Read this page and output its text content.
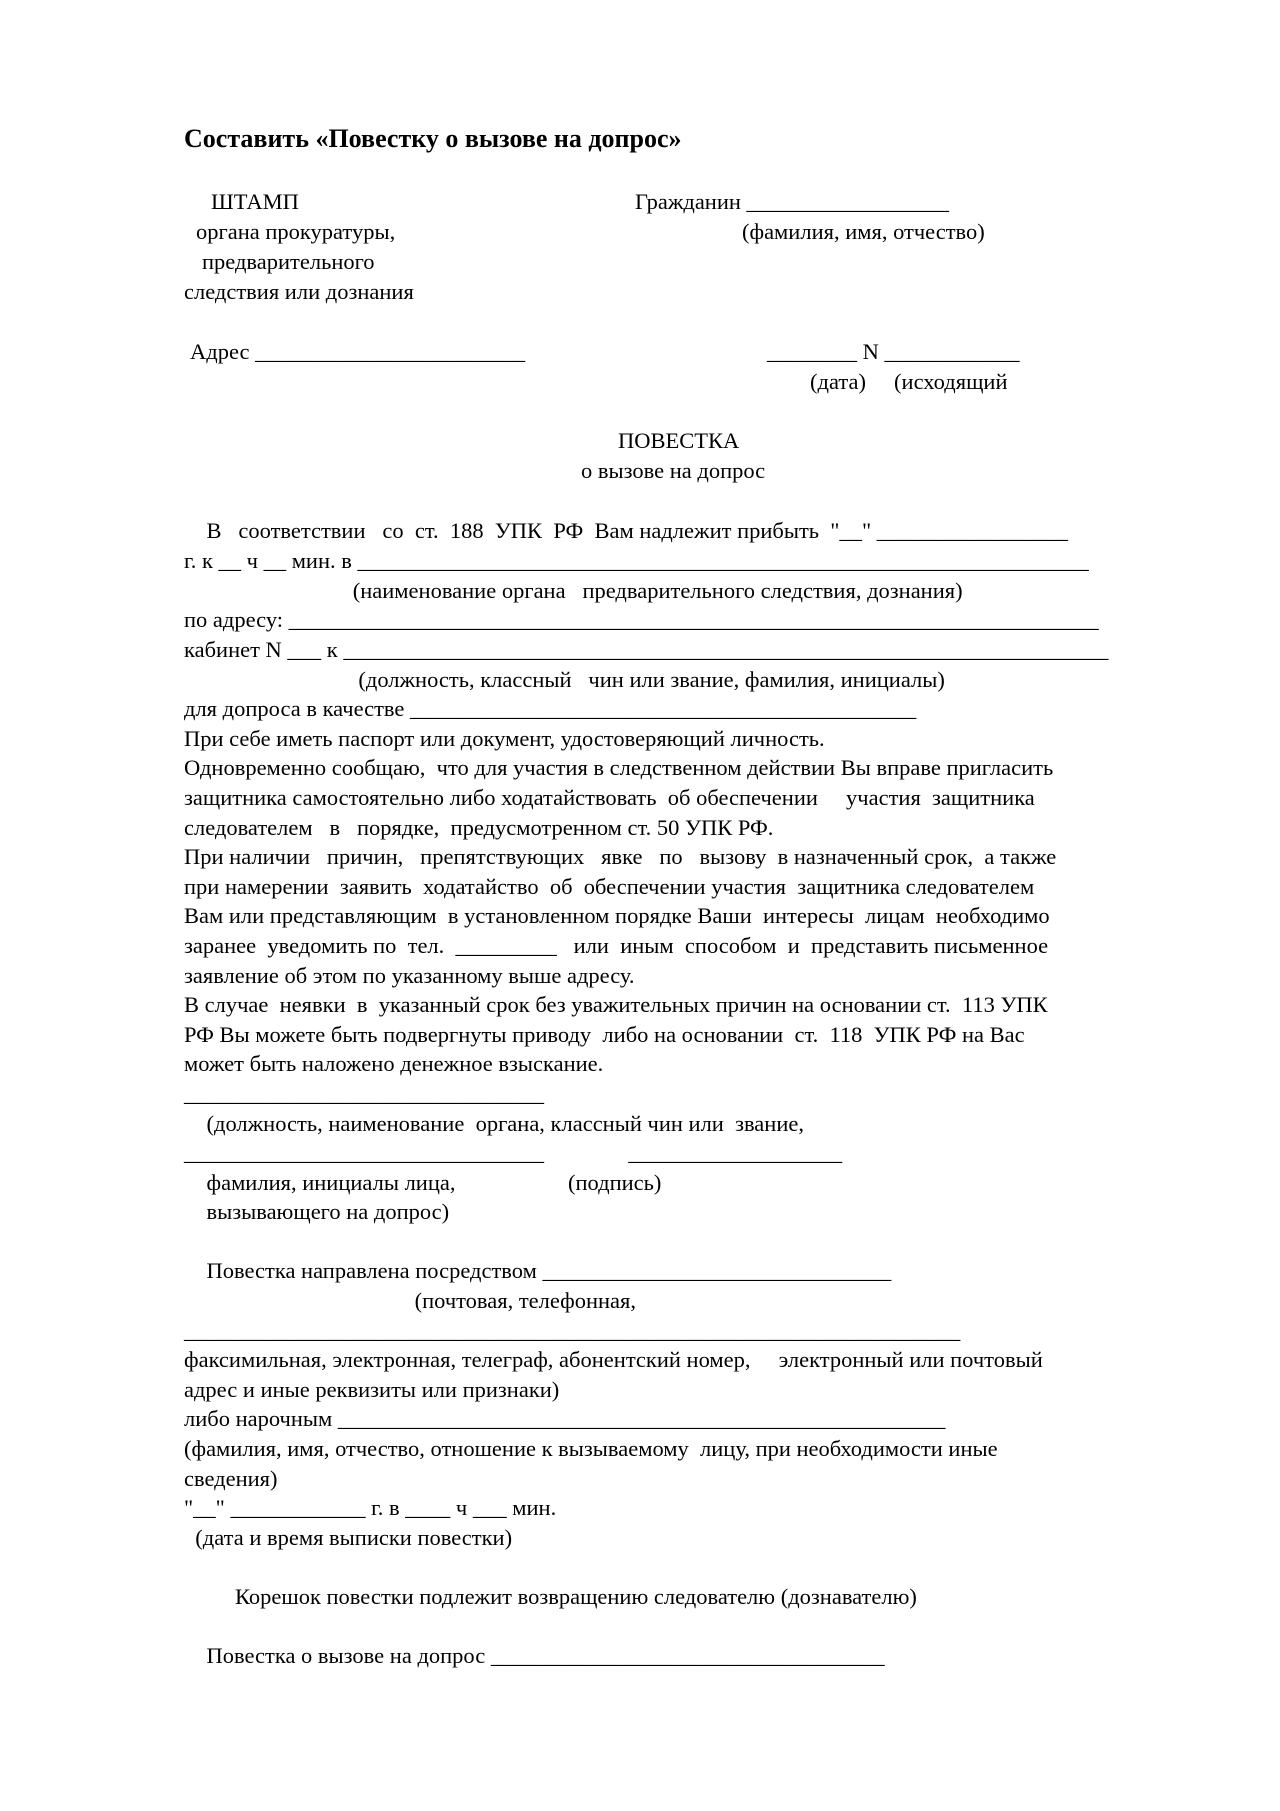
Составить «Повестку о вызове на допрос»
ШТАМП
органа прокуратуры,
предварительного
следствия или дознания
Гражданин __________________
(фамилия, имя, отчество)
Адрес ________________________	________ N ____________
(дата)     (исходящий
ПОВЕСТКА
о вызове на допрос
В   соответствии   со  ст.  188  УПК  РФ  Вам надлежит прибыть  "__" _________________
г. к __ ч __ мин. в _________________________________________________________________
(наименование органа   предварительного следствия, дознания)
по адресу: ________________________________________________________________________
кабинет N ___ к ____________________________________________________________________
(должность, классный   чин или звание, фамилия, инициалы)
для допроса в качестве _____________________________________________
При себе иметь паспорт или документ, удостоверяющий личность.
Одновременно сообщаю,  что для участия в следственном действии Вы вправе пригласить
защитника самостоятельно либо ходатайствовать  об обеспечении     участия  защитника
следователем   в   порядке,  предусмотренном ст. 50 УПК РФ.
При наличии   причин,   препятствующих   явке   по   вызову  в назначенный срок,  а также
при намерении  заявить  ходатайство  об  обеспечении участия  защитника следователем
Вам или представляющим  в установленном порядке Ваши  интересы  лицам  необходимо
заранее  уведомить по  тел.  _________   или  иным  способом  и  представить письменное
заявление об этом по указанному выше адресу.
В случае  неявки  в  указанный срок без уважительных причин на основании ст.  113 УПК
РФ Вы можете быть подвергнуты приводу  либо на основании  ст.  118  УПК РФ на Вас
может быть наложено денежное взыскание.
________________________________
(должность, наименование  органа, классный чин или  звание,
________________________________               ___________________
фамилия, инициалы лица,                    (подпись)
вызывающего на допрос)
Повестка направлена посредством _______________________________
(почтовая, телефонная,
_____________________________________________________________________
факсимильная, электронная, телеграф, абонентский номер,     электронный или почтовый
адрес и иные реквизиты или признаки)
либо нарочным ______________________________________________________
(фамилия, имя, отчество, отношение к вызываемому  лицу, при необходимости иные
сведения)
"__" ____________ г. в ____ ч ___ мин.
(дата и время выписки повестки)
Корешок повестки подлежит возвращению следователю (дознавателю)
Повестка о вызове на допрос ___________________________________
